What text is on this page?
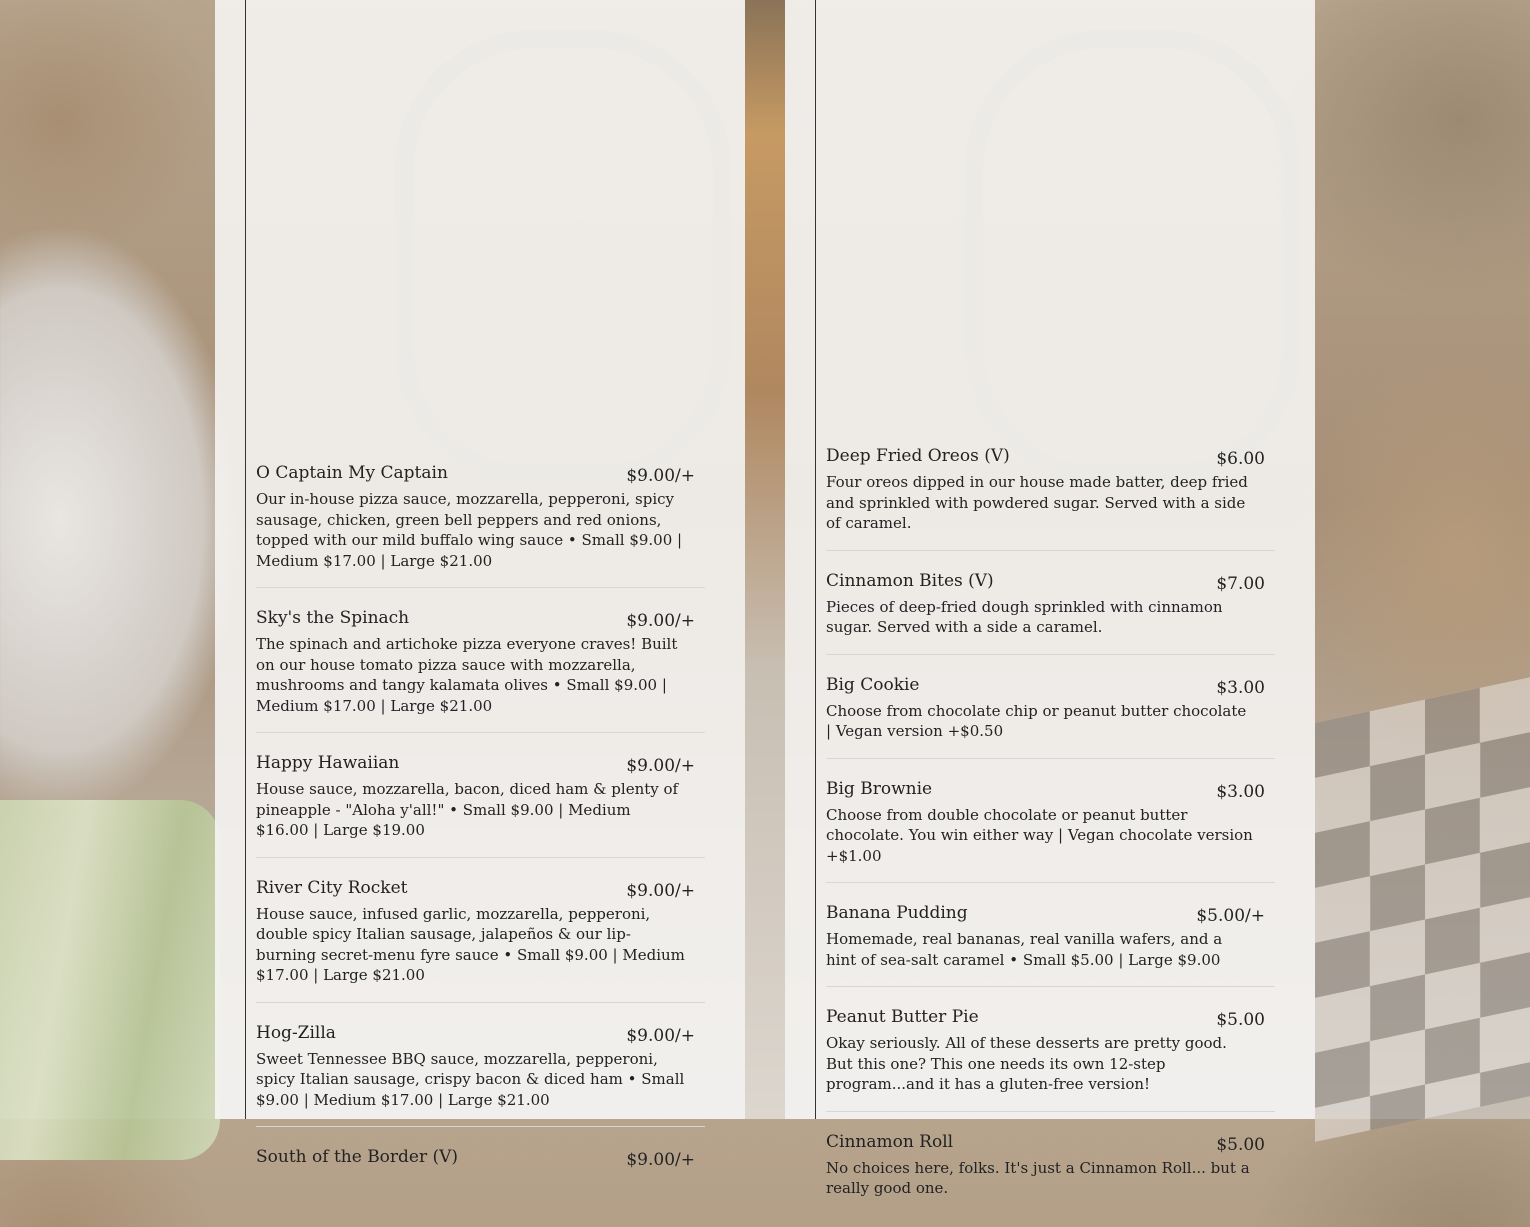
O Captain My Captain	$9.00/+
Our in-house pizza sauce, mozzarella, pepperoni, spicy sausage, chicken, green bell peppers and red onions, topped with our mild buffalo wing sauce • Small $9.00 | Medium $17.00 | Large $21.00
Sky's the Spinach	$9.00/+
The spinach and artichoke pizza everyone craves! Built on our house tomato pizza sauce with mozzarella, mushrooms and tangy kalamata olives • Small $9.00 | Medium $17.00 | Large $21.00
Happy Hawaiian	$9.00/+
House sauce, mozzarella, bacon, diced ham & plenty of pineapple - "Aloha y'all!" • Small $9.00 | Medium $16.00 | Large $19.00
River City Rocket	$9.00/+
House sauce, infused garlic, mozzarella, pepperoni, double spicy Italian sausage, jalapeños & our lip-burning secret-menu fyre sauce • Small $9.00 | Medium $17.00 | Large $21.00
Hog-Zilla	$9.00/+
Sweet Tennessee BBQ sauce, mozzarella, pepperoni, spicy Italian sausage, crispy bacon & diced ham • Small $9.00 | Medium $17.00 | Large $21.00
South of the Border (V)	$9.00/+
Deep Fried Oreos (V)	$6.00
Four oreos dipped in our house made batter, deep fried and sprinkled with powdered sugar. Served with a side of caramel.
Cinnamon Bites (V)	$7.00
Pieces of deep-fried dough sprinkled with cinnamon sugar. Served with a side a caramel.
Big Cookie	$3.00
Choose from chocolate chip or peanut butter chocolate | Vegan version +$0.50
Big Brownie	$3.00
Choose from double chocolate or peanut butter chocolate. You win either way | Vegan chocolate version +$1.00
Banana Pudding	$5.00/+
Homemade, real bananas, real vanilla wafers, and a hint of sea-salt caramel • Small $5.00 | Large $9.00
Peanut Butter Pie	$5.00
Okay seriously. All of these desserts are pretty good. But this one? This one needs its own 12-step program...and it has a gluten-free version!
Cinnamon Roll	$5.00
No choices here, folks. It's just a Cinnamon Roll... but a really good one.
